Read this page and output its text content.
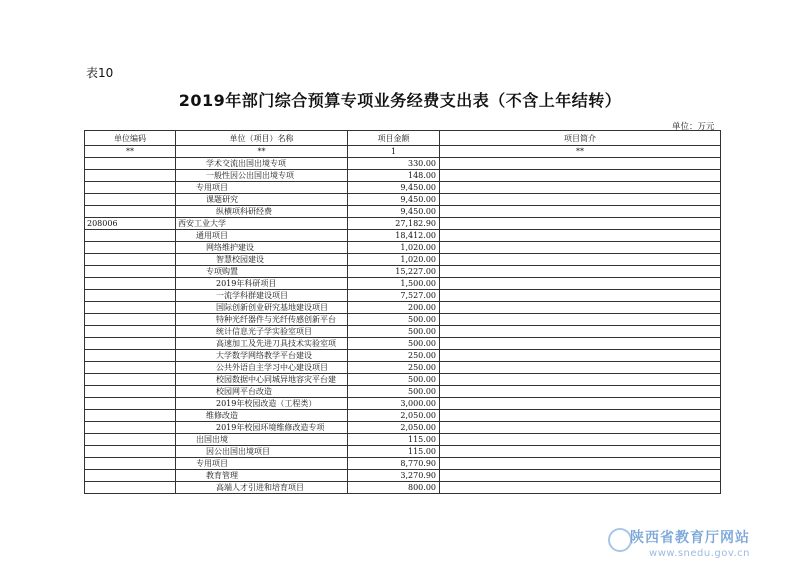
表10
2019年部门综合预算专项业务经费支出表（不含上年结转）
单位：万元
单位编码	单位（项目）名称	项目金额	项目简介
**	**	1	**
	学术交流出国出境专项	330.00	
	一般性因公出国出境专项	148.00	
	专用项目	9,450.00	
	课题研究	9,450.00	
	纵横项科研经费	9,450.00	
208006	西安工业大学	27,182.90	
	通用项目	18,412.00	
	网络维护建设	1,020.00	
	智慧校园建设	1,020.00	
	专项购置	15,227.00	
	2019年科研项目	1,500.00	
	一流学科群建设项目	7,527.00	
	国际创新创业研究基地建设项目	200.00	
	特种光纤器件与光纤传感创新平台	500.00	
	统计信息光子学实验室项目	500.00	
	高速加工及先进刀具技术实验室项	500.00	
	大学数学网络教学平台建设	250.00	
	公共外语自主学习中心建设项目	250.00	
	校园数据中心同城异地容灾平台建	500.00	
	校园网平台改造	500.00	
	2019年校园改造（工程类）	3,000.00	
	维修改造	2,050.00	
	2019年校园环境维修改造专项	2,050.00	
	出国出境	115.00	
	因公出国出境项目	115.00	
	专用项目	8,770.90	
	教育管理	3,270.90	
	高端人才引进和培育项目	800.00	
陕西省教育厅网站
www.snedu.gov.cn
